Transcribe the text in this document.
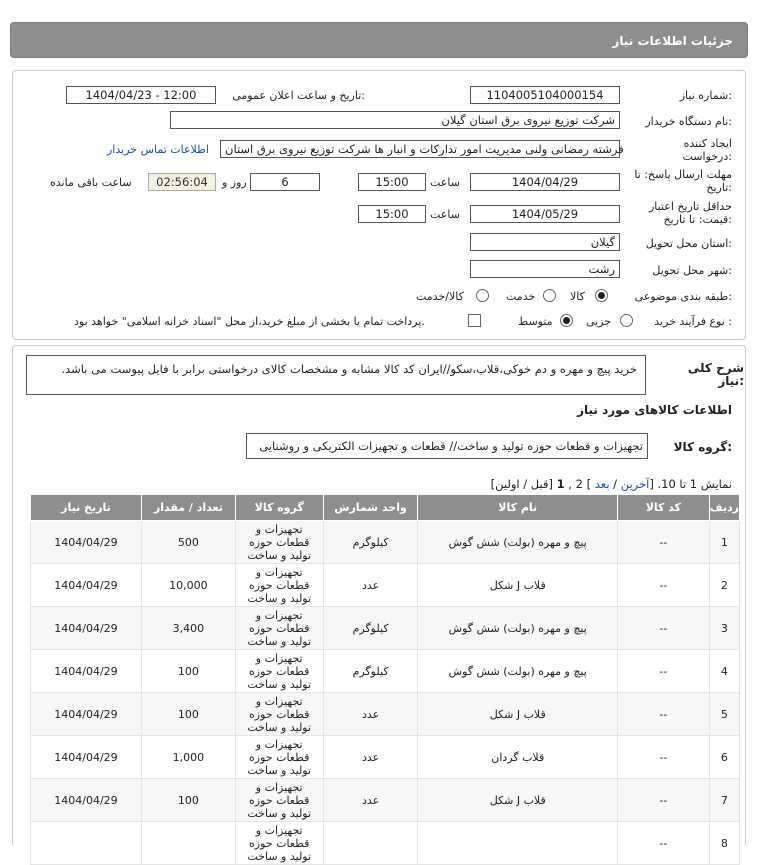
جزئیات اطلاعات نیاز
شماره نیاز:
1104005104000154
تاریخ و ساعت اعلان عمومی:
1404/04/23 - 12:00
نام دستگاه خریدار:
شرکت توزیع نیروی برق استان گیلان
ایجاد کننده درخواست:
فرشته رمضانی ولنی مدیریت امور تدارکات و انبار ها شرکت توزیع نیروی برق استان
اطلاعات تماس خریدار
مهلت ارسال پاسخ: تا تاریخ:
1404/04/29
ساعت
15:00
6
روز و
02:56:04
ساعت باقی مانده
حداقل تاریخ اعتبار قیمت: تا تاریخ:
1404/05/29
ساعت
15:00
استان محل تحویل:
گیلان
شهر محل تحویل:
رشت
طبقه بندی موضوعی:
کالا
خدمت
کالا/خدمت
نوع فرآیند خرید :
جزیی
متوسط
پرداخت تمام یا بخشی از مبلغ خرید،از محل "اسناد خزانه اسلامی" خواهد بود.
شرح کلی نیاز:
خرید پیچ و مهره و دم خوکی،قلاب،سکو//ایران کد کالا مشابه و مشخصات کالای درخواستی برابر با فایل پیوست می باشد.
اطلاعات کالاهای مورد نیاز
گروه کالا:
تجهیزات و قطعات حوزه تولید و ساخت// قطعات و تجهیزات الکتریکی و روشنایی
نمایش 1 تا 10. [آخرین / بعد ] 2 , 1 [قبل / اولین]
ردیف	کد کالا	نام کالا	واحد شمارش	گروه کالا	تعداد / مقدار	تاریخ نیاز
1	--	پیچ و مهره (بولت) شش گوش	کیلوگرم	تجهیزات و قطعات حوزه تولید و ساخت	500	1404/04/29
2	--	قلاب J شکل	عدد	تجهیزات و قطعات حوزه تولید و ساخت	10,000	1404/04/29
3	--	پیچ و مهره (بولت) شش گوش	کیلوگرم	تجهیزات و قطعات حوزه تولید و ساخت	3,400	1404/04/29
4	--	پیچ و مهره (بولت) شش گوش	کیلوگرم	تجهیزات و قطعات حوزه تولید و ساخت	100	1404/04/29
5	--	قلاب J شکل	عدد	تجهیزات و قطعات حوزه تولید و ساخت	100	1404/04/29
6	--	قلاب گردان	عدد	تجهیزات و قطعات حوزه تولید و ساخت	1,000	1404/04/29
7	--	قلاب J شکل	عدد	تجهیزات و قطعات حوزه تولید و ساخت	100	1404/04/29
8	--			تجهیزات و قطعات حوزه تولید و ساخت		
